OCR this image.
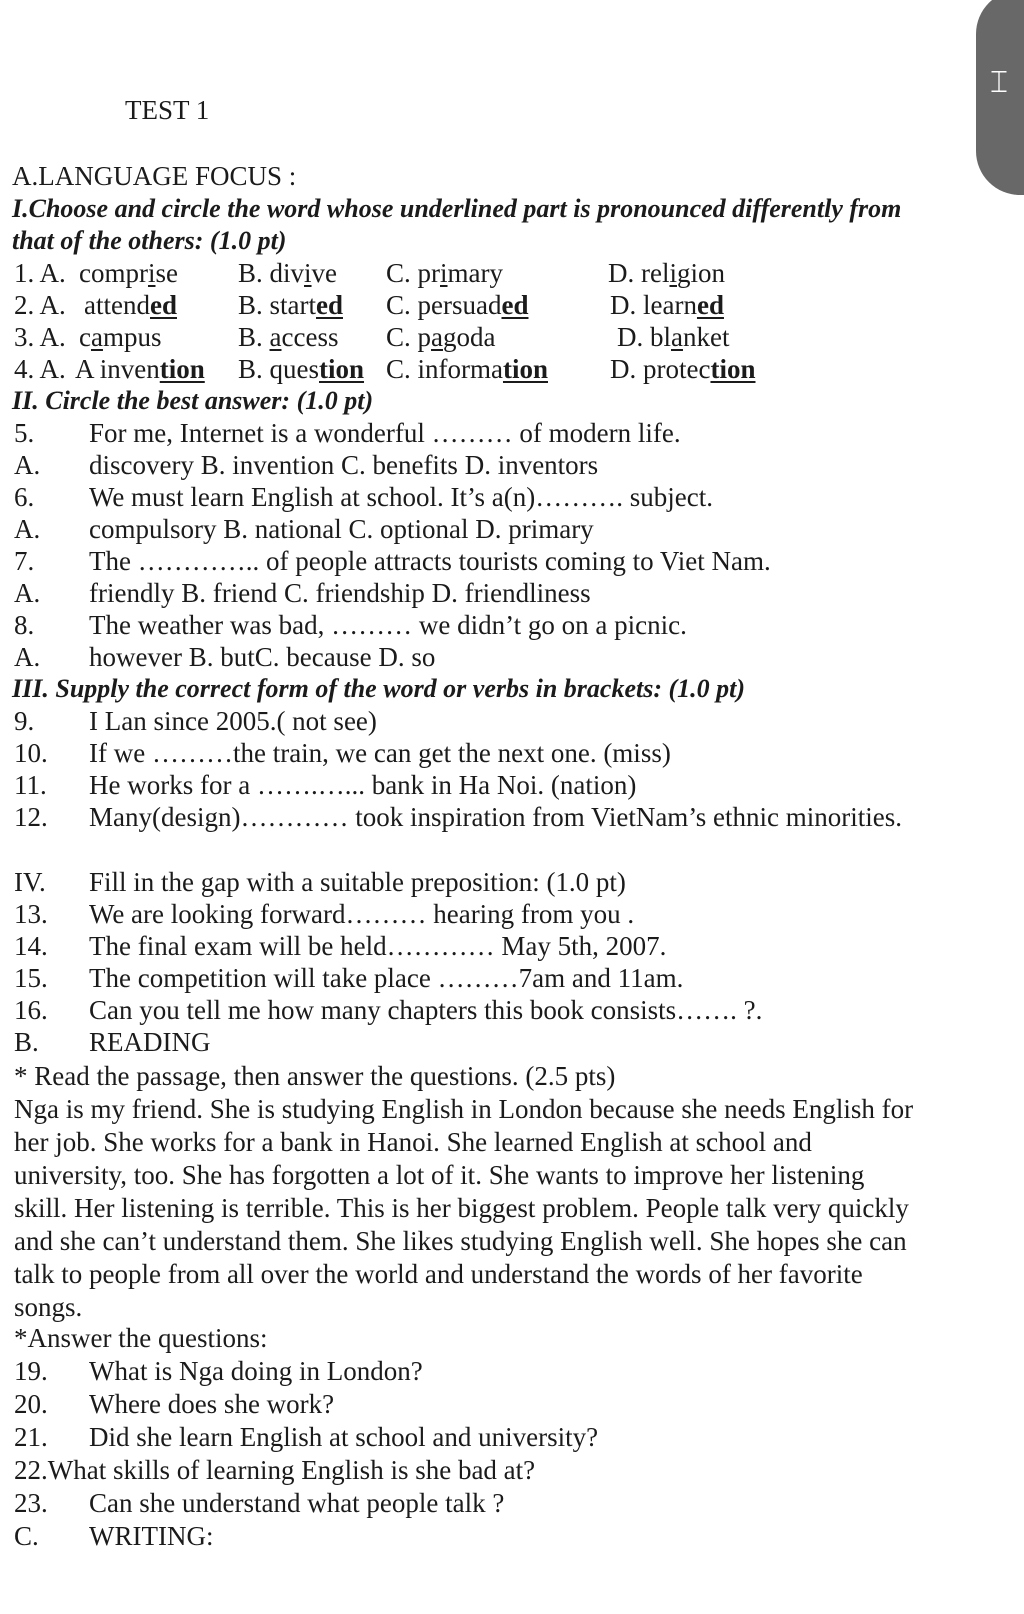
⌶
TEST 1
A.LANGUAGE FOCUS :
I.Choose and circle the word whose underlined part is pronounced differently from
that of the others: (1.0 pt)
1. A. comprise B. divive C. primary	D. religion
2. A. attended B. started C. persuaded	D. learned
3. A. campus	B. access C. pagoda	D. blanket
4. A. A invention B. question C. information D. protection
II. Circle the best answer: (1.0 pt)
5. For me, Internet is a wonderful ……… of modern life.
A. discovery B. invention C. benefits D. inventors
6. We must learn English at school. It’s a(n)………. subject.
A. compulsory B. national C. optional D. primary
7. The ………….. of people attracts tourists coming to Viet Nam.
A. friendly B. friend C. friendship D. friendliness
8. The weather was bad, ……… we didn’t go on a picnic.
A. however B. butC. because D. so
III. Supply the correct form of the word or verbs in brackets: (1.0 pt)
9. I Lan since 2005.( not see)
10. If we ………the train, we can get the next one. (miss)
11. He works for a …….…... bank in Ha Noi. (nation)
12. Many(design)………… took inspiration from VietNam’s ethnic minorities.
IV. Fill in the gap with a suitable preposition: (1.0 pt)
13. We are looking forward……… hearing from you .
14. The final exam will be held………… May 5th, 2007.
15. The competition will take place ………7am and 11am.
16. Can you tell me how many chapters this book consists……. ?.
B. READING
* Read the passage, then answer the questions. (2.5 pts)
Nga is my friend. She is studying English in London because she needs English for
her job. She works for a bank in Hanoi. She learned English at school and
university, too. She has forgotten a lot of it. She wants to improve her listening
skill. Her listening is terrible. This is her biggest problem. People talk very quickly
and she can’t understand them. She likes studying English well. She hopes she can
talk to people from all over the world and understand the words of her favorite
songs.
*Answer the questions:
19. What is Nga doing in London?
20. Where does she work?
21. Did she learn English at school and university?
22.What skills of learning English is she bad at?
23. Can she understand what people talk ?
C. WRITING:
